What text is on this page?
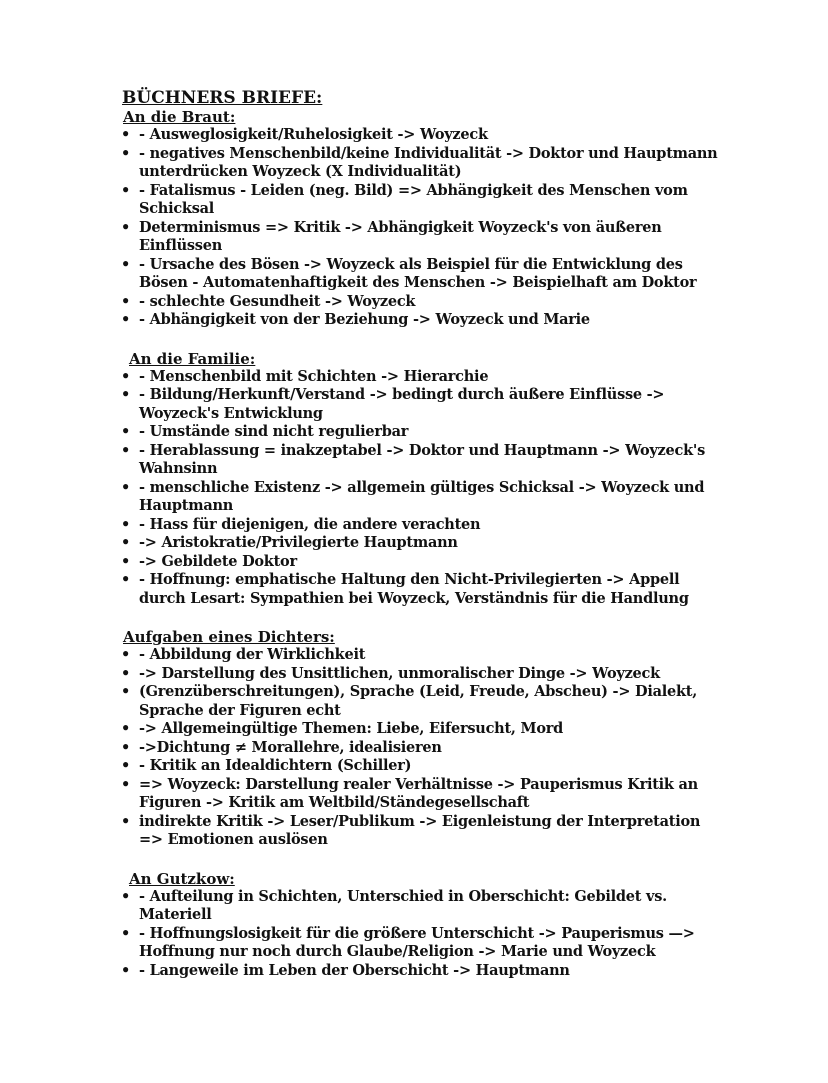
BÜCHNERS BRIEFE:
An die Braut:
• - Ausweglosigkeit/Ruhelosigkeit -> Woyzeck
• - negatives Menschenbild/keine Individualität -> Doktor und Hauptmann unterdrücken Woyzeck (X Individualität)
• - Fatalismus - Leiden (neg. Bild) => Abhängigkeit des Menschen vom Schicksal
• Determinismus => Kritik -> Abhängigkeit Woyzeck's von äußeren Einflüssen
• - Ursache des Bösen -> Woyzeck als Beispiel für die Entwicklung des Bösen - Automatenhaftigkeit des Menschen -> Beispielhaft am Doktor
• - schlechte Gesundheit -> Woyzeck
• - Abhängigkeit von der Beziehung -> Woyzeck und Marie
An die Familie:
• - Menschenbild mit Schichten -> Hierarchie
• - Bildung/Herkunft/Verstand -> bedingt durch äußere Einflüsse -> Woyzeck's Entwicklung
• - Umstände sind nicht regulierbar
• - Herablassung = inakzeptabel -> Doktor und Hauptmann -> Woyzeck's Wahnsinn
• - menschliche Existenz -> allgemein gültiges Schicksal -> Woyzeck und Hauptmann
• - Hass für diejenigen, die andere verachten
• -> Aristokratie/Privilegierte Hauptmann
• -> Gebildete Doktor
• - Hoffnung: emphatische Haltung den Nicht-Privilegierten -> Appell durch Lesart: Sympathien bei Woyzeck, Verständnis für die Handlung
Aufgaben eines Dichters:
• - Abbildung der Wirklichkeit
• -> Darstellung des Unsittlichen, unmoralischer Dinge -> Woyzeck
• (Grenzüberschreitungen), Sprache (Leid, Freude, Abscheu) -> Dialekt, Sprache der Figuren echt
• -> Allgemeingültige Themen: Liebe, Eifersucht, Mord
• ->Dichtung ≠ Morallehre, idealisieren
• - Kritik an Idealdichtern (Schiller)
• => Woyzeck: Darstellung realer Verhältnisse -> Pauperismus Kritik an Figuren -> Kritik am Weltbild/Ständegesellschaft
• indirekte Kritik -> Leser/Publikum -> Eigenleistung der Interpretation => Emotionen auslösen
An Gutzkow:
• - Aufteilung in Schichten, Unterschied in Oberschicht: Gebildet vs. Materiell
• - Hoffnungslosigkeit für die größere Unterschicht -> Pauperismus —> Hoffnung nur noch durch Glaube/Religion -> Marie und Woyzeck
• - Langeweile im Leben der Oberschicht -> Hauptmann
